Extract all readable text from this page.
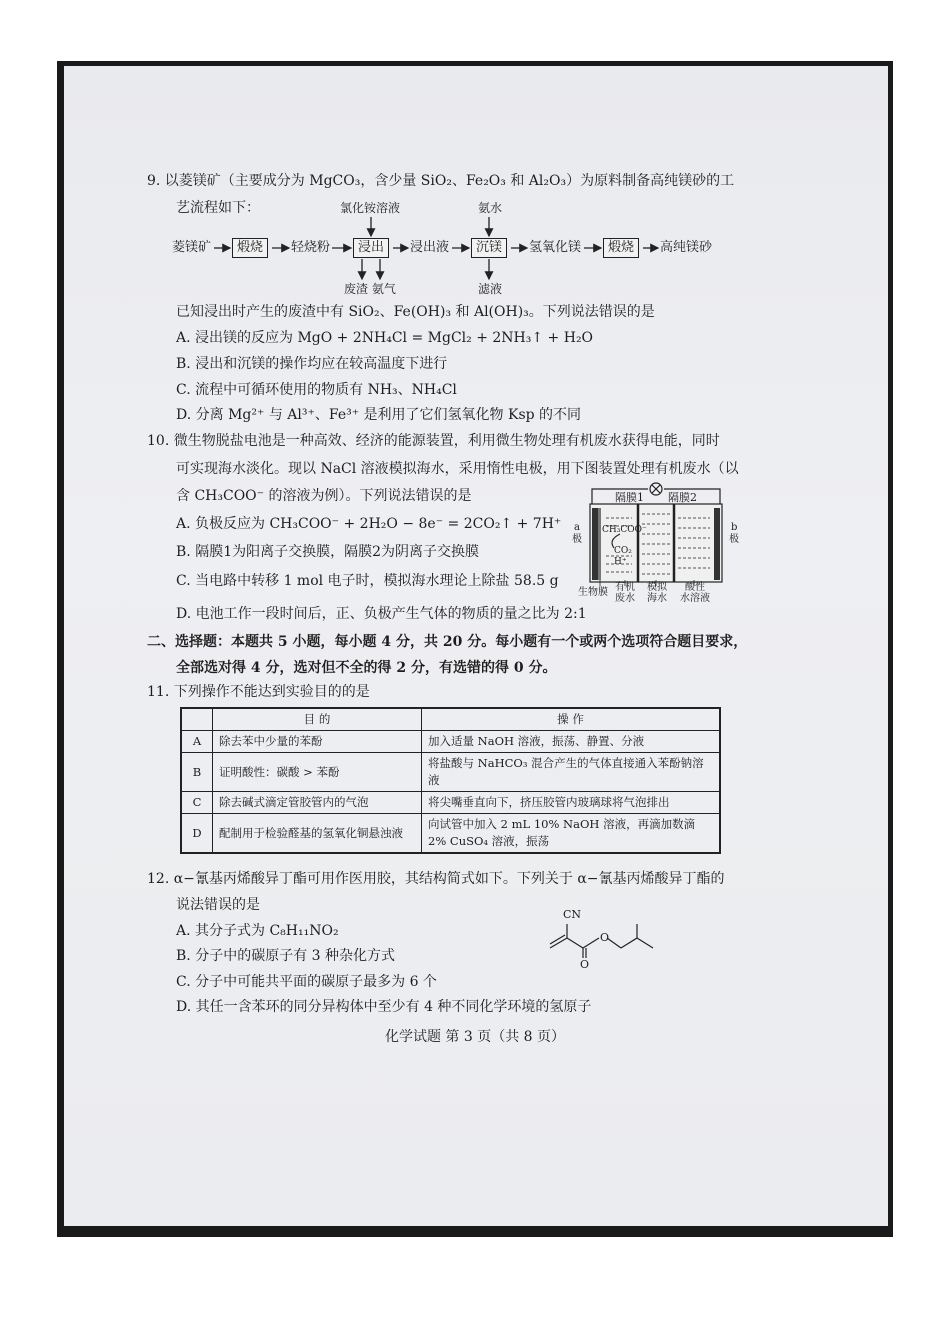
9. 以菱镁矿（主要成分为 MgCO₃，含少量 SiO₂、Fe₂O₃ 和 Al₂O₃）为原料制备高纯镁砂的工
艺流程如下：	氯化铵溶液	氨水
菱镁矿	煅烧	轻烧粉	浸出	浸出液	沉镁	氢氧化镁	煅烧	高纯镁砂
废渣 氨气	滤液
已知浸出时产生的废渣中有 SiO₂、Fe(OH)₃ 和 Al(OH)₃。下列说法错误的是
A. 浸出镁的反应为 MgO + 2NH₄Cl = MgCl₂ + 2NH₃↑ + H₂O
B. 浸出和沉镁的操作均应在较高温度下进行
C. 流程中可循环使用的物质有 NH₃、NH₄Cl
D. 分离 Mg²⁺ 与 Al³⁺、Fe³⁺ 是利用了它们氢氧化物 Ksp 的不同
10. 微生物脱盐电池是一种高效、经济的能源装置，利用微生物处理有机废水获得电能，同时
可实现海水淡化。现以 NaCl 溶液模拟海水，采用惰性电极，用下图装置处理有机废水（以
含 CH₃COO⁻ 的溶液为例）。下列说法错误的是
A. 负极反应为 CH₃COO⁻ + 2H₂O − 8e⁻ = 2CO₂↑ + 7H⁺
B. 隔膜1为阳离子交换膜，隔膜2为阴离子交换膜
C. 当电路中转移 1 mol 电子时，模拟海水理论上除盐 58.5 g
D. 电池工作一段时间后，正、负极产生气体的物质的量之比为 2:1
隔膜1 隔膜2
a
极
b
极
CH₃COO⁻
CO₂
H⁺
生物膜 有机
废水
模拟
海水
酸性
水溶液
二、选择题：本题共 5 小题，每小题 4 分，共 20 分。每小题有一个或两个选项符合题目要求，
全部选对得 4 分，选对但不全的得 2 分，有选错的得 0 分。
11. 下列操作不能达到实验目的的是
	目 的	操 作
A	除去苯中少量的苯酚	加入适量 NaOH 溶液，振荡、静置、分液
B	证明酸性：碳酸 > 苯酚	将盐酸与 NaHCO₃ 混合产生的气体直接通入苯酚钠溶液
C	除去碱式滴定管胶管内的气泡	将尖嘴垂直向下，挤压胶管内玻璃球将气泡排出
D	配制用于检验醛基的氢氧化铜悬浊液	向试管中加入 2 mL 10% NaOH 溶液，再滴加数滴 2% CuSO₄ 溶液，振荡
12. α−氰基丙烯酸异丁酯可用作医用胶，其结构简式如下。下列关于 α−氰基丙烯酸异丁酯的
说法错误的是
A. 其分子式为 C₈H₁₁NO₂
B. 分子中的碳原子有 3 种杂化方式
C. 分子中可能共平面的碳原子最多为 6 个
D. 其任一含苯环的同分异构体中至少有 4 种不同化学环境的氢原子
CN
O
O
化学试题 第 3 页（共 8 页）
